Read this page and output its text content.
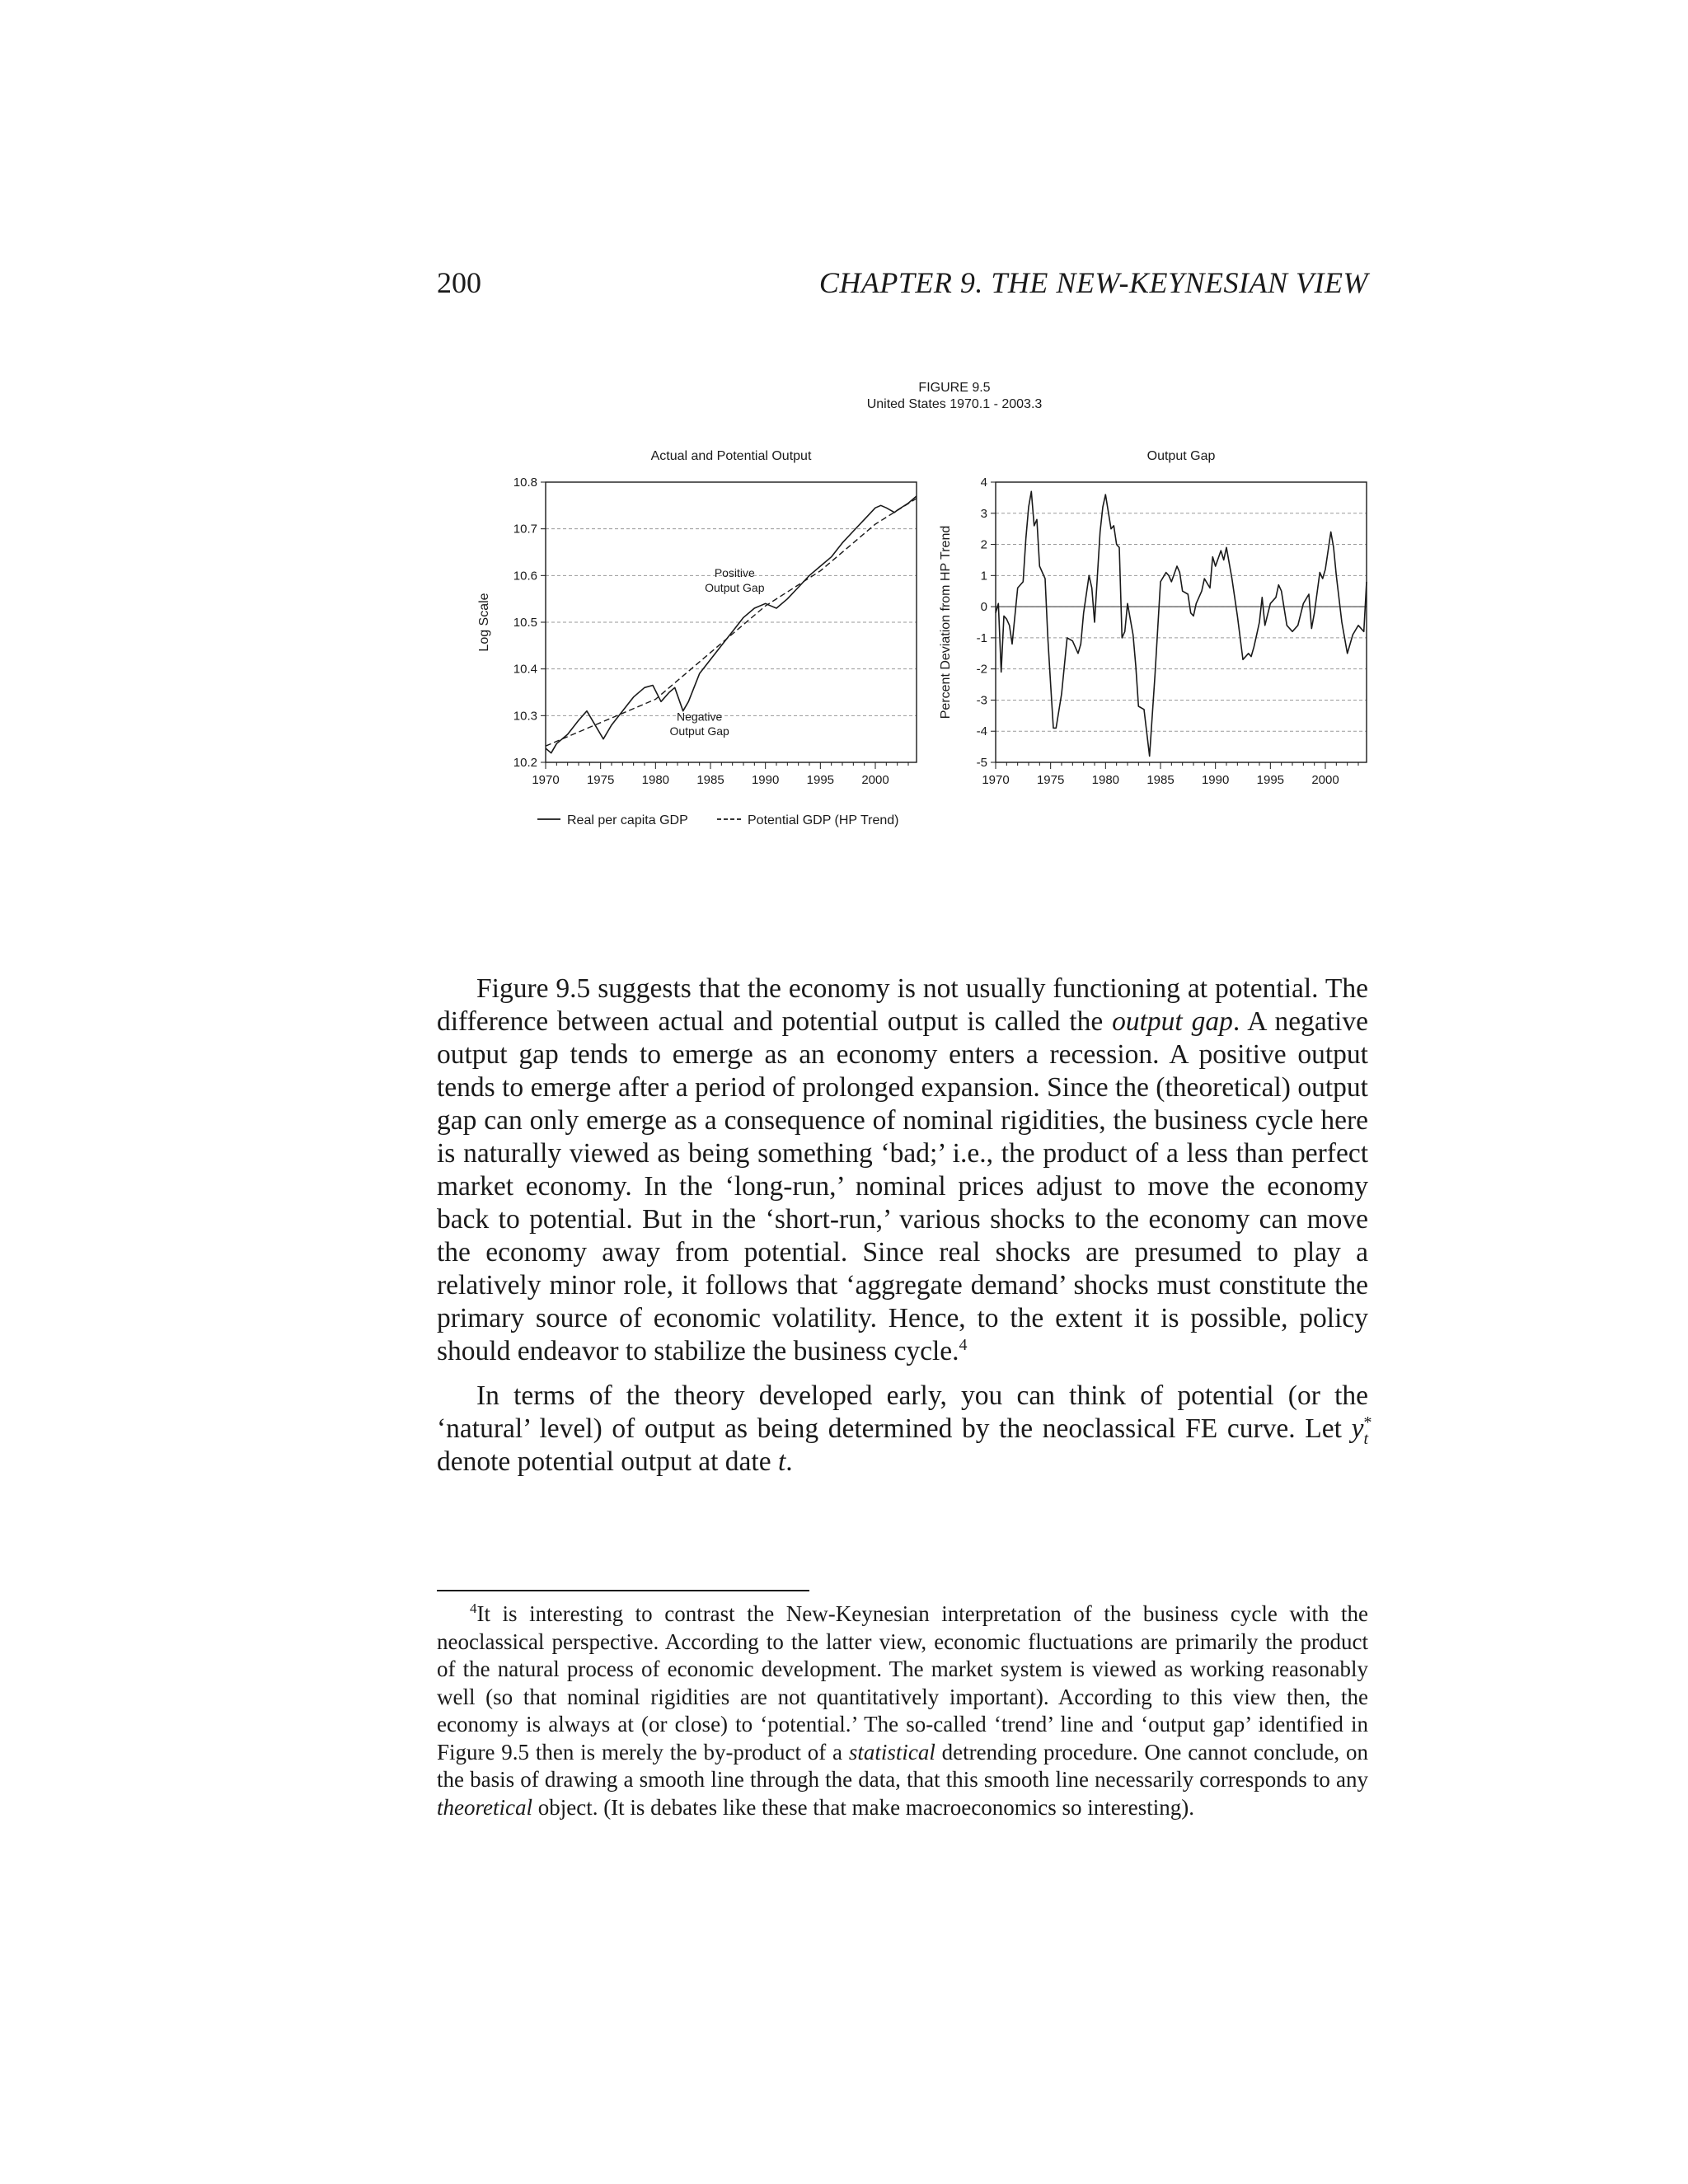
200	CHAPTER 9. THE NEW-KEYNESIAN VIEW
FIGURE 9.5
United States 1970.1 - 2003.3
Actual and Potential Output
10.2
10.3
10.4
10.5
10.6
10.7
10.8
1970 1975 1980 1985 1990 1995 2000
Log Scale
Positive
Output Gap
Negative
Output Gap
Output Gap
-5
-4
-3
-2
-1
0
1
2
3
4
1970 1975 1980 1985 1990 1995 2000
Percent Deviation from HP Trend
Real per capita GDP	Potential GDP (HP Trend)

Figure 9.5 suggests that the economy is not usually functioning at potential. The difference between actual and potential output is called the output gap. A negative output gap tends to emerge as an economy enters a recession. A positive output tends to emerge after a period of prolonged expansion. Since the (theoretical) output gap can only emerge as a consequence of nominal rigidities, the business cycle here is naturally viewed as being something ‘bad;’ i.e., the product of a less than perfect market economy. In the ‘long-run,’ nominal prices adjust to move the economy back to potential. But in the ‘short-run,’ various shocks to the economy can move the economy away from potential. Since real shocks are presumed to play a relatively minor role, it follows that ‘aggregate demand’ shocks must constitute the primary source of economic volatility. Hence, to the extent it is possible, policy should endeavor to stabilize the business cycle.$^4$

In terms of the theory developed early, you can think of potential (or the ‘natural’ level) of output as being determined by the neoclassical FE curve. Let $y^*_t$ denote potential output at date t.

$^4$It is interesting to contrast the New-Keynesian interpretation of the business cycle with the neoclassical perspective. According to the latter view, economic fluctuations are primarily the product of the natural process of economic development. The market system is viewed as working reasonably well (so that nominal rigidities are not quantitatively important). According to this view then, the economy is always at (or close) to ‘potential.’ The so-called ‘trend’ line and ‘output gap’ identified in Figure 9.5 then is merely the by-product of a statistical detrending procedure. One cannot conclude, on the basis of drawing a smooth line through the data, that this smooth line necessarily corresponds to any theoretical object. (It is debates like these that make macroeconomics so interesting).
